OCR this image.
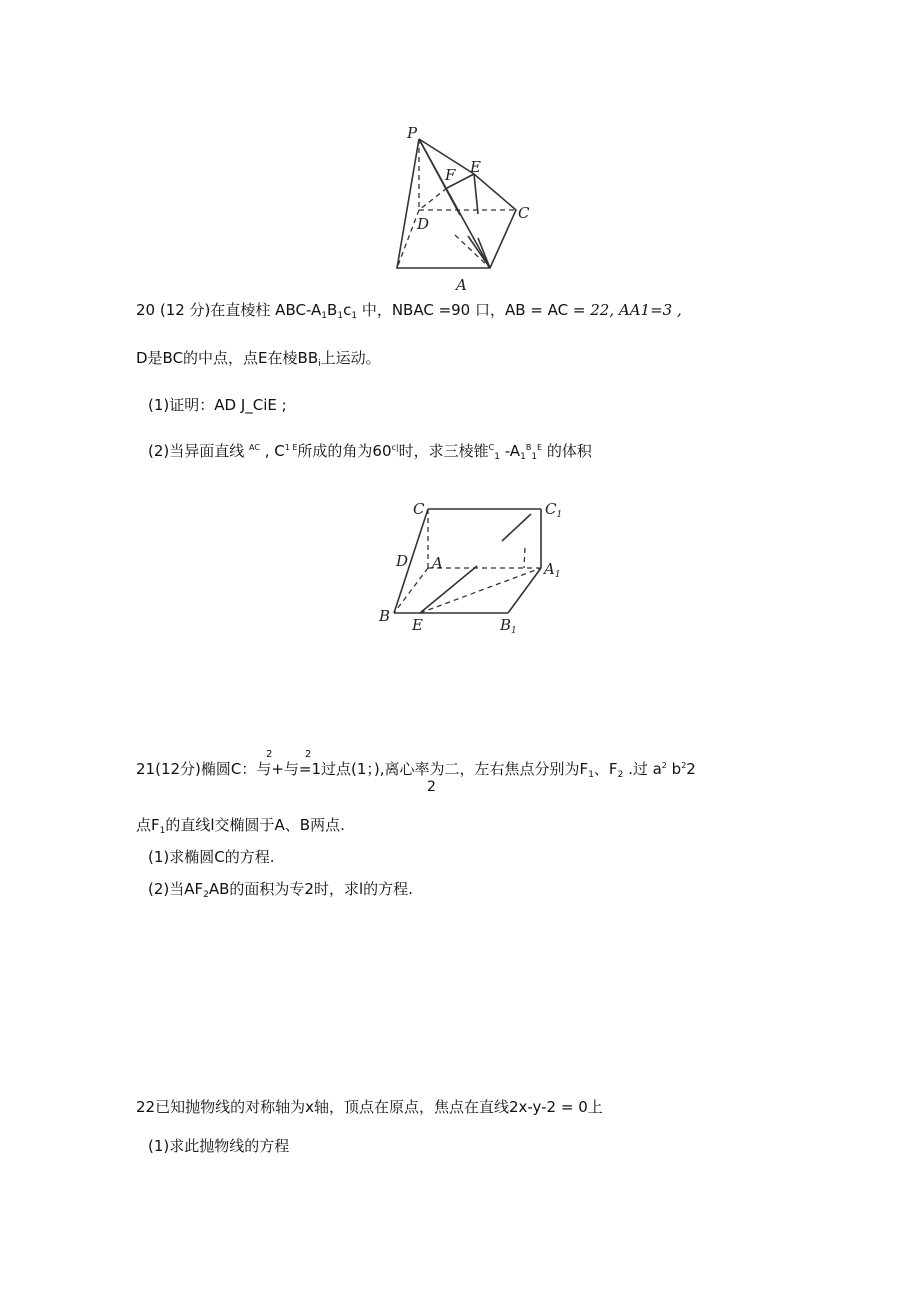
P
E
F
C
D
A
20 (12 分)在直棱柱 ABC-$A_1B_1c_1$ 中，NBAC =90 口，AB = AC = 22, AA1=3 ,
D是BC的中点，点E在棱$BB_i$上运动。
(1)证明：AD J_CiE ;
(2)当异面直线 $^{AC}$ , $C^{1 E}$所成的角为$60^{c|}$时，求三棱锥$^C_1$ $-A_1^B_1^E$ 的体积
C	$C_1$
D A	$A_1$
B E	$B_1$
2	2
21(12分)椭圆C：与+与=1过点(1；),离心率为二，左右焦点分别为$F_1$、$F_2$ .过 $a^2$ $b^22$
2
点$F_1$的直线l交椭圆于A、B两点.
(1)求椭圆C的方程.
(2)当$AF_2AB$的面积为专2时，求l的方程.
22已知抛物线的对称轴为x轴，顶点在原点，焦点在直线2x-y-2 = 0上
(1)求此抛物线的方程
